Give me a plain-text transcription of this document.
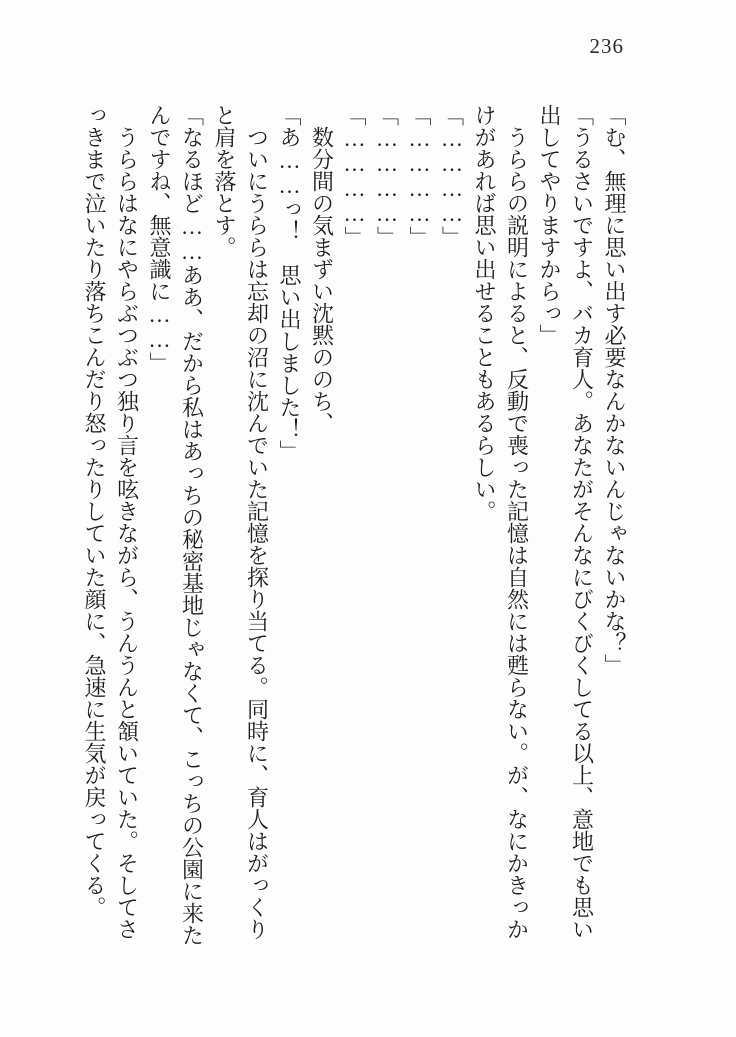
236

「む、無理に思い出す必要なんかないんじゃないかな？」

「うるさいですよ、バカ育人。あなたがそんなにびくびくしてる以上、意地でも思い

出してやりますからっ」

うららの説明によると、反動で喪った記憶は自然には甦らない。が、なにかきっか

けがあれば思い出せることもあるらしい。

「…………」

「…………」

「…………」

「…………」

数分間の気まずい沈黙ののち、

「あ……っ！　思い出しました！」

ついにうららは忘却の沼に沈んでいた記憶を探り当てる。同時に、育人はがっくり

と肩を落とす。

「なるほど……ああ、だから私はあっちの秘密基地じゃなくて、こっちの公園に来た

んですね、無意識に……」

うららはなにやらぶつぶつ独り言を呟きながら、うんうんと頷いていた。そしてさ

っきまで泣いたり落ちこんだり怒ったりしていた顔に、急速に生気が戻ってくる。
